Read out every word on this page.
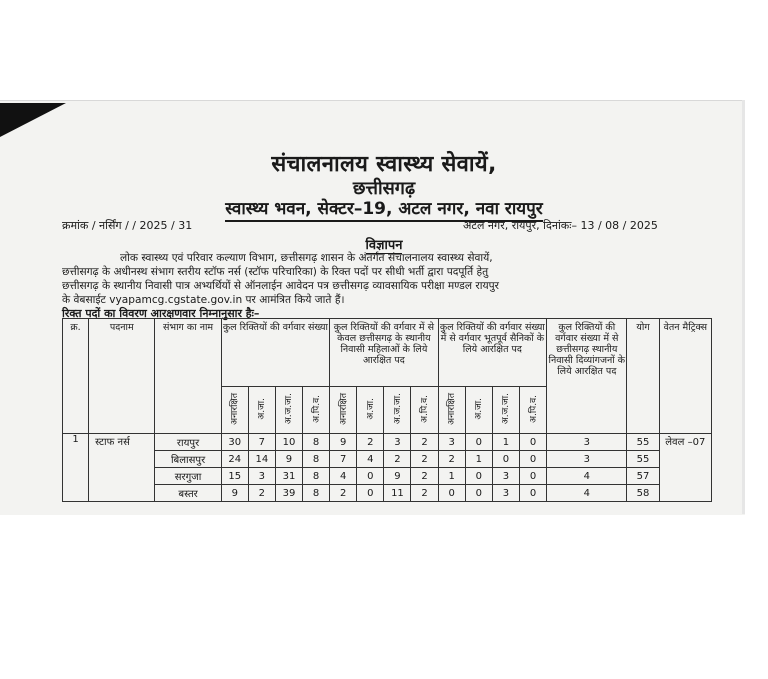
संचालनालय स्वास्थ्य सेवायें,
छत्तीसगढ़
स्वास्थ्य भवन, सेक्टर–19, अटल नगर, नवा रायपुर
क्रमांक / नर्सिंग / / 2025 / 31	अटल नगर, रायपुर, दिनांकः– 13 / 08 / 2025
विज्ञापन
लोक स्वास्थ्य एवं परिवार कल्याण विभाग, छत्तीसगढ़ शासन के अंतर्गत संचालनालय स्वास्थ्य सेवायें,
छत्तीसगढ़ के अधीनस्थ संभाग स्तरीय स्टॉफ नर्स (स्टॉफ परिचारिका) के रिक्त पदों पर सीधी भर्ती द्वारा पदपूर्ति हेतु
छत्तीसगढ़ के स्थानीय निवासी पात्र अभ्यर्थियों से ऑनलाईन आवेदन पत्र छत्तीसगढ़ व्यावसायिक परीक्षा मण्डल रायपुर
के वेबसाईट vyapamcg.cgstate.gov.in पर आमंत्रित किये जाते हैं।
रिक्त पदों का विवरण आरक्षणवार निम्नानुसार हैः–
क्र.	पदनाम	संभाग का नाम	कुल रिक्तियों की वर्गवार संख्या				कुल रिक्तियों की वर्गवार में से केवल छत्तीसगढ़ के स्थानीय निवासी महिलाओं के लिये आरक्षित पद				कुल रिक्तियों की वर्गवार संख्या में से वर्गवार भूतपूर्व सैनिकों के लिये आरक्षित पद				कुल रिक्तियों की वर्गवार संख्या में से छत्तीसगढ़ स्थानीय निवासी दिव्यांगजनों के लिये आरक्षित पद	योग	वेतन मैट्रिक्स
			अनारक्षित	अ.जा.	अ.ज.जा.	अ.पि.व.	अनारक्षित	अ.जा.	अ.ज.जा.	अ.पि.व.	अनारक्षित	अ.जा.	अ.ज.जा.	अ.पि.व.			
1	स्टाफ नर्स	रायपुर	30	7	10	8	9	2	3	2	3	0	1	0	3	55	लेवल –07
		बिलासपुर	24	14	9	8	7	4	2	2	2	1	0	0	3	55	
		सरगुजा	15	3	31	8	4	0	9	2	1	0	3	0	4	57	
		बस्तर	9	2	39	8	2	0	11	2	0	0	3	0	4	58	
